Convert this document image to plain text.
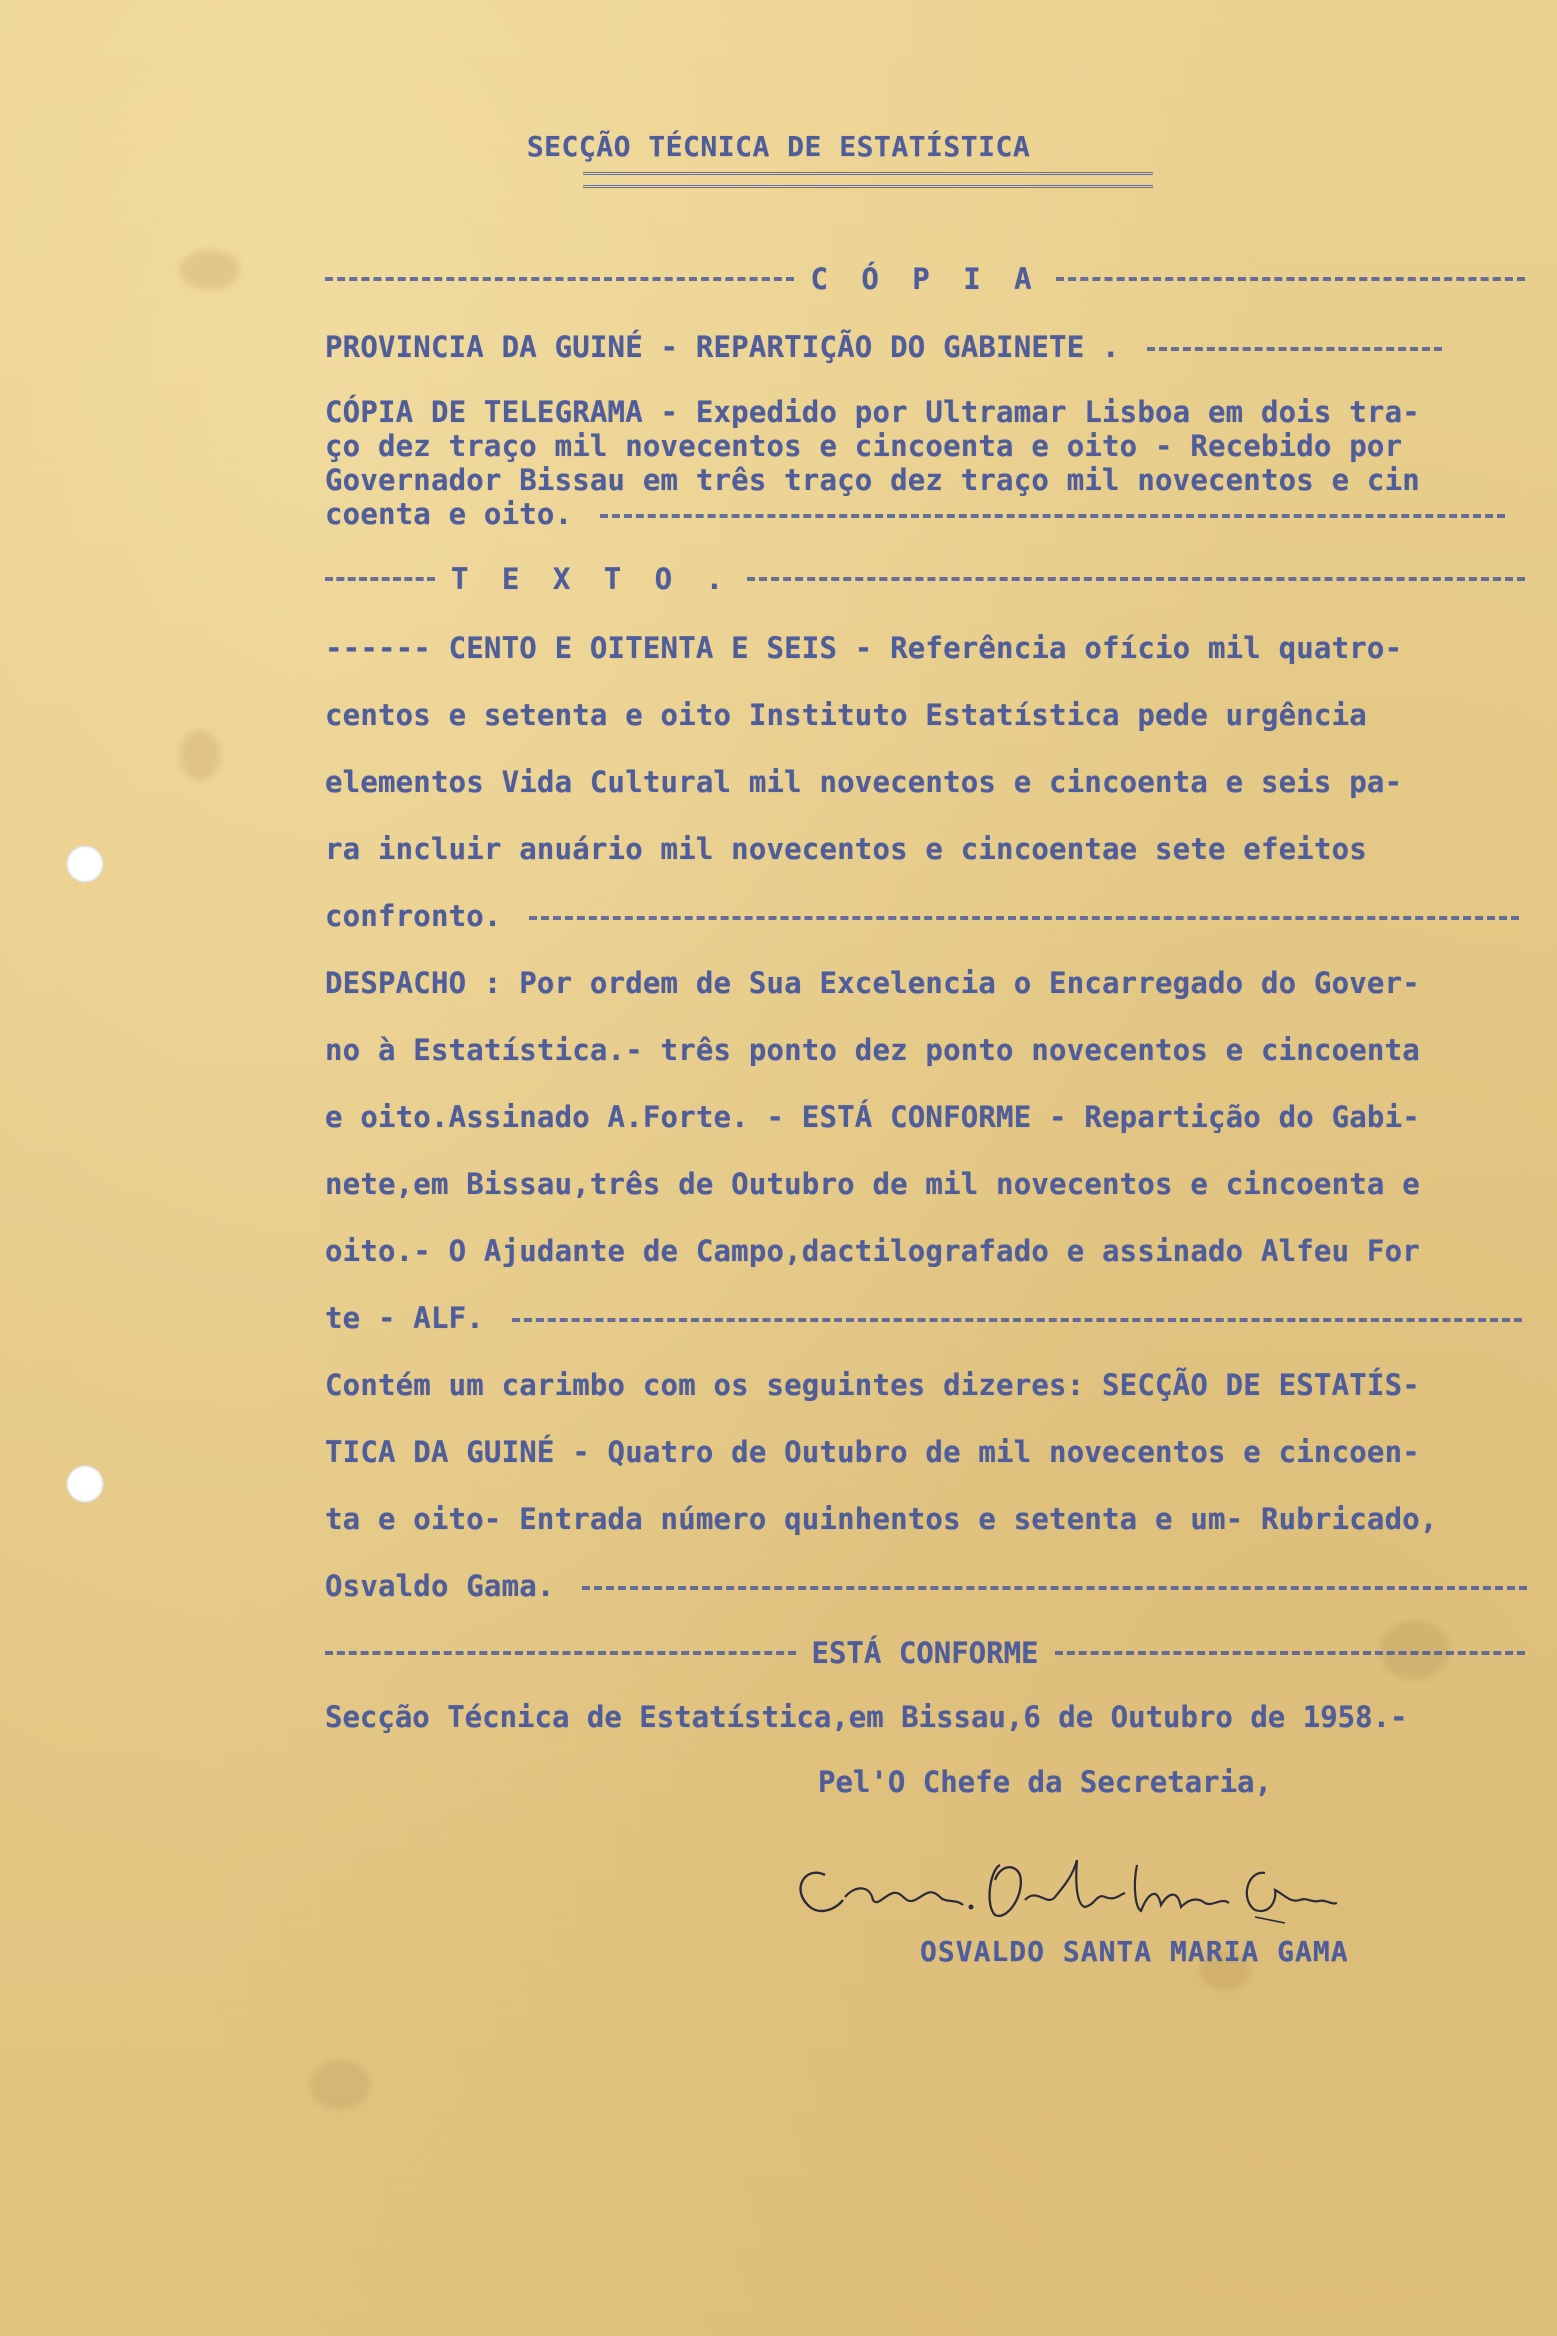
SECÇÃO TÉCNICA DE ESTATÍSTICA
C Ó P I A
PROVINCIA DA GUINÉ - REPARTIÇÃO DO GABINETE .
CÓPIA DE TELEGRAMA - Expedido por Ultramar Lisboa em dois tra-
ço dez traço mil novecentos e cincoenta e oito - Recebido por
Governador Bissau em três traço dez traço mil novecentos e cin
coenta e oito.
T E X T O .
------ CENTO E OITENTA E SEIS - Referência ofício mil quatro-
centos e setenta e oito Instituto Estatística pede urgência
elementos Vida Cultural mil novecentos e cincoenta e seis pa-
ra incluir anuário mil novecentos e cincoentae sete efeitos
confronto.
DESPACHO : Por ordem de Sua Excelencia o Encarregado do Gover-
no à Estatística.- três ponto dez ponto novecentos e cincoenta
e oito.Assinado A.Forte. - ESTÁ CONFORME - Repartição do Gabi-
nete,em Bissau,três de Outubro de mil novecentos e cincoenta e
oito.- O Ajudante de Campo,dactilografado e assinado Alfeu For
te - ALF.
Contém um carimbo com os seguintes dizeres: SECÇÃO DE ESTATÍS-
TICA DA GUINÉ - Quatro de Outubro de mil novecentos e cincoen-
ta e oito- Entrada número quinhentos e setenta e um- Rubricado,
Osvaldo Gama.
ESTÁ CONFORME
Secção Técnica de Estatística,em Bissau,6 de Outubro de 1958.-
Pel'O Chefe da Secretaria,
OSVALDO SANTA MARIA GAMA
